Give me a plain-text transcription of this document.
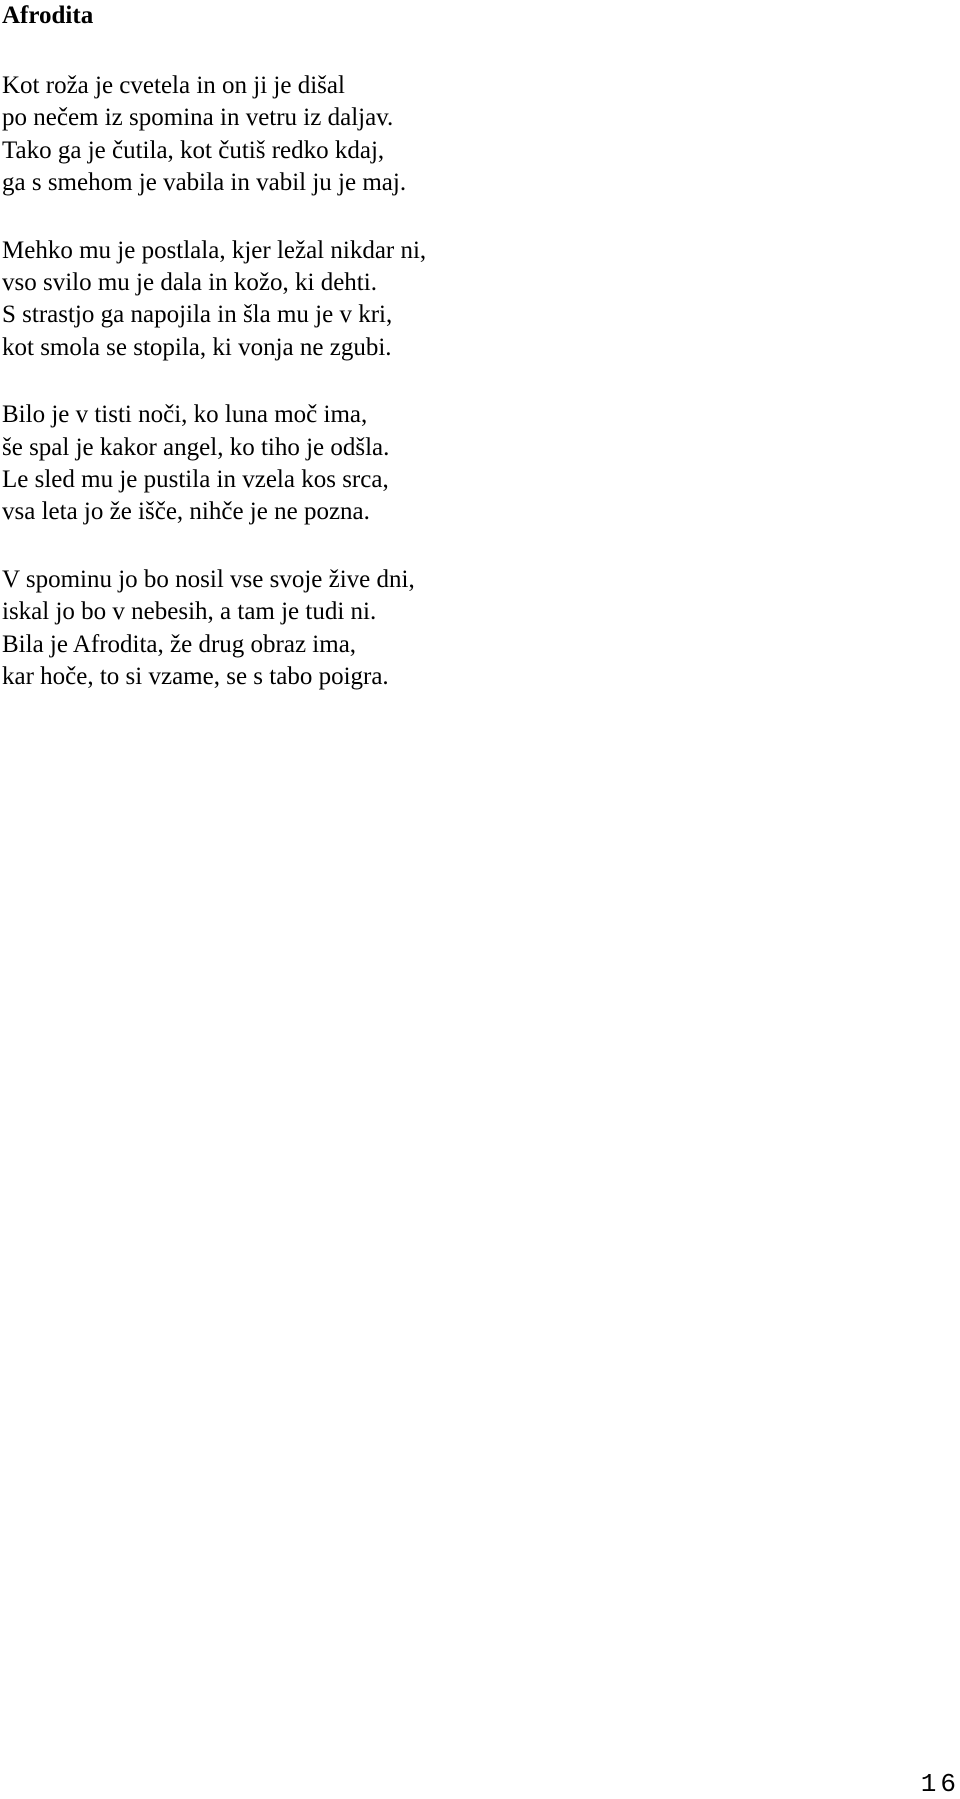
Afrodita
Kot roža je cvetela in on ji je dišal
po nečem iz spomina in vetru iz daljav.
Tako ga je čutila, kot čutiš redko kdaj,
ga s smehom je vabila in vabil ju je maj.
Mehko mu je postlala, kjer ležal nikdar ni,
vso svilo mu je dala in kožo, ki dehti.
S strastjo ga napojila in šla mu je v kri,
kot smola se stopila, ki vonja ne zgubi.
Bilo je v tisti noči, ko luna moč ima,
še spal je kakor angel, ko tiho je odšla.
Le sled mu je pustila in vzela kos srca,
vsa leta jo že išče, nihče je ne pozna.
V spominu jo bo nosil vse svoje žive dni,
iskal jo bo v nebesih, a tam je tudi ni.
Bila je Afrodita, že drug obraz ima,
kar hoče, to si vzame, se s tabo poigra.
16
